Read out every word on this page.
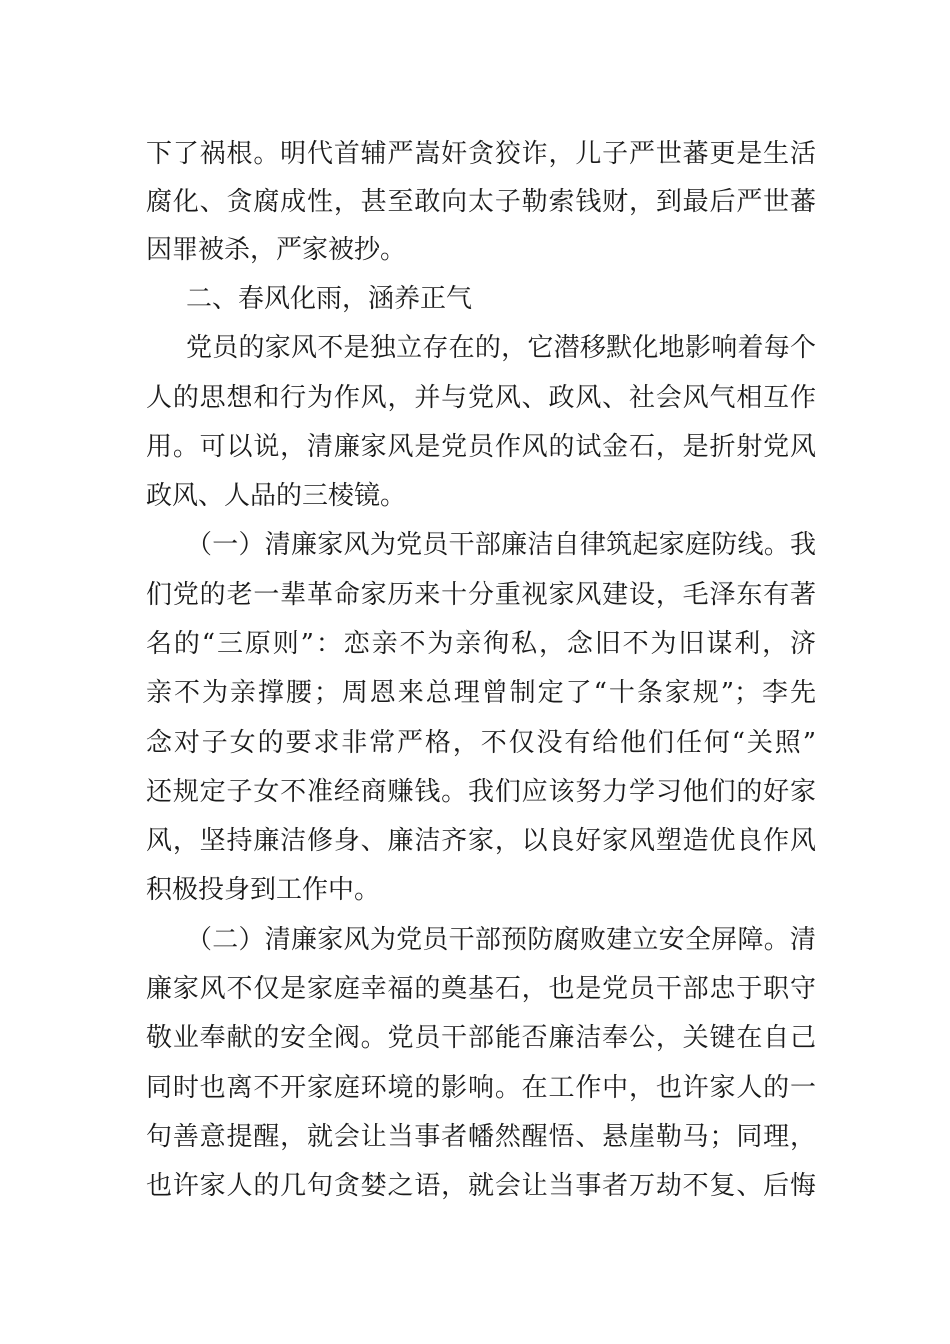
下了祸根。明代首辅严嵩奸贪狡诈，儿子严世蕃更是生活
腐化、贪腐成性，甚至敢向太子勒索钱财，到最后严世蕃
因罪被杀，严家被抄。
二、春风化雨，涵养正气
党员的家风不是独立存在的，它潜移默化地影响着每个
人的思想和行为作风，并与党风、政风、社会风气相互作
用。可以说，清廉家风是党员作风的试金石，是折射党风
政风、人品的三棱镜。
（一）清廉家风为党员干部廉洁自律筑起家庭防线。我
们党的老一辈革命家历来十分重视家风建设，毛泽东有著
名的“三原则”：恋亲不为亲徇私，念旧不为旧谋利，济
亲不为亲撑腰；周恩来总理曾制定了“十条家规”；李先
念对子女的要求非常严格，不仅没有给他们任何“关照”
还规定子女不准经商赚钱。我们应该努力学习他们的好家
风，坚持廉洁修身、廉洁齐家，以良好家风塑造优良作风
积极投身到工作中。
（二）清廉家风为党员干部预防腐败建立安全屏障。清
廉家风不仅是家庭幸福的奠基石，也是党员干部忠于职守
敬业奉献的安全阀。党员干部能否廉洁奉公，关键在自己
同时也离不开家庭环境的影响。在工作中，也许家人的一
句善意提醒，就会让当事者幡然醒悟、悬崖勒马；同理，
也许家人的几句贪婪之语，就会让当事者万劫不复、后悔
